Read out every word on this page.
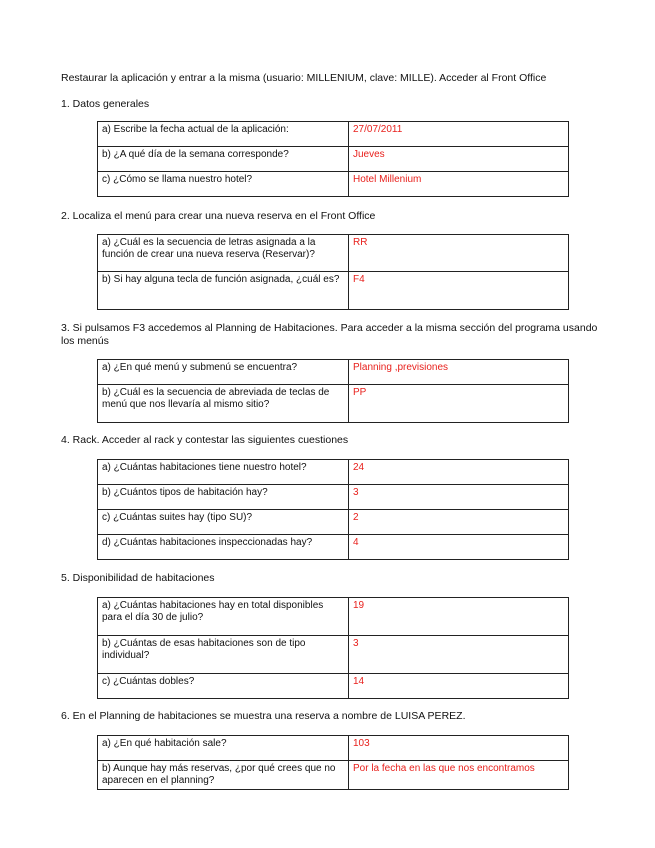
Restaurar la aplicación y entrar a la misma (usuario: MILLENIUM, clave: MILLE). Acceder al Front Office
1. Datos generales
a) Escribe la fecha actual de la aplicación:	27/07/2011
b) ¿A qué día de la semana corresponde?	Jueves
c) ¿Cómo se llama nuestro hotel?	Hotel Millenium
2. Localiza el menú para crear una nueva reserva en el Front Office
a) ¿Cuál es la secuencia de letras asignada a la función de crear una nueva reserva (Reservar)?	RR
b) Si hay alguna tecla de función asignada, ¿cuál es?	F4
3. Si pulsamos F3 accedemos al Planning de Habitaciones. Para acceder a la misma sección del programa usando los menús
a) ¿En qué menú y submenú se encuentra?	Planning ,previsiones
b) ¿Cuál es la secuencia de abreviada de teclas de menú que nos llevaría al mismo sitio?	PP
4. Rack. Acceder al rack y contestar las siguientes cuestiones
a) ¿Cuántas habitaciones tiene nuestro hotel?	24
b) ¿Cuántos tipos de habitación hay?	3
c) ¿Cuántas suites hay (tipo SU)?	2
d) ¿Cuántas habitaciones inspeccionadas hay?	4
5. Disponibilidad de habitaciones
a) ¿Cuántas habitaciones hay en total disponibles para el día 30 de julio?	19
b) ¿Cuántas de esas habitaciones son de tipo individual?	3
c) ¿Cuántas dobles?	14
6. En el Planning de habitaciones se muestra una reserva a nombre de LUISA PEREZ.
a) ¿En qué habitación sale?	103
b) Aunque hay más reservas, ¿por qué crees que no aparecen en el planning?	Por la fecha en las que nos encontramos
